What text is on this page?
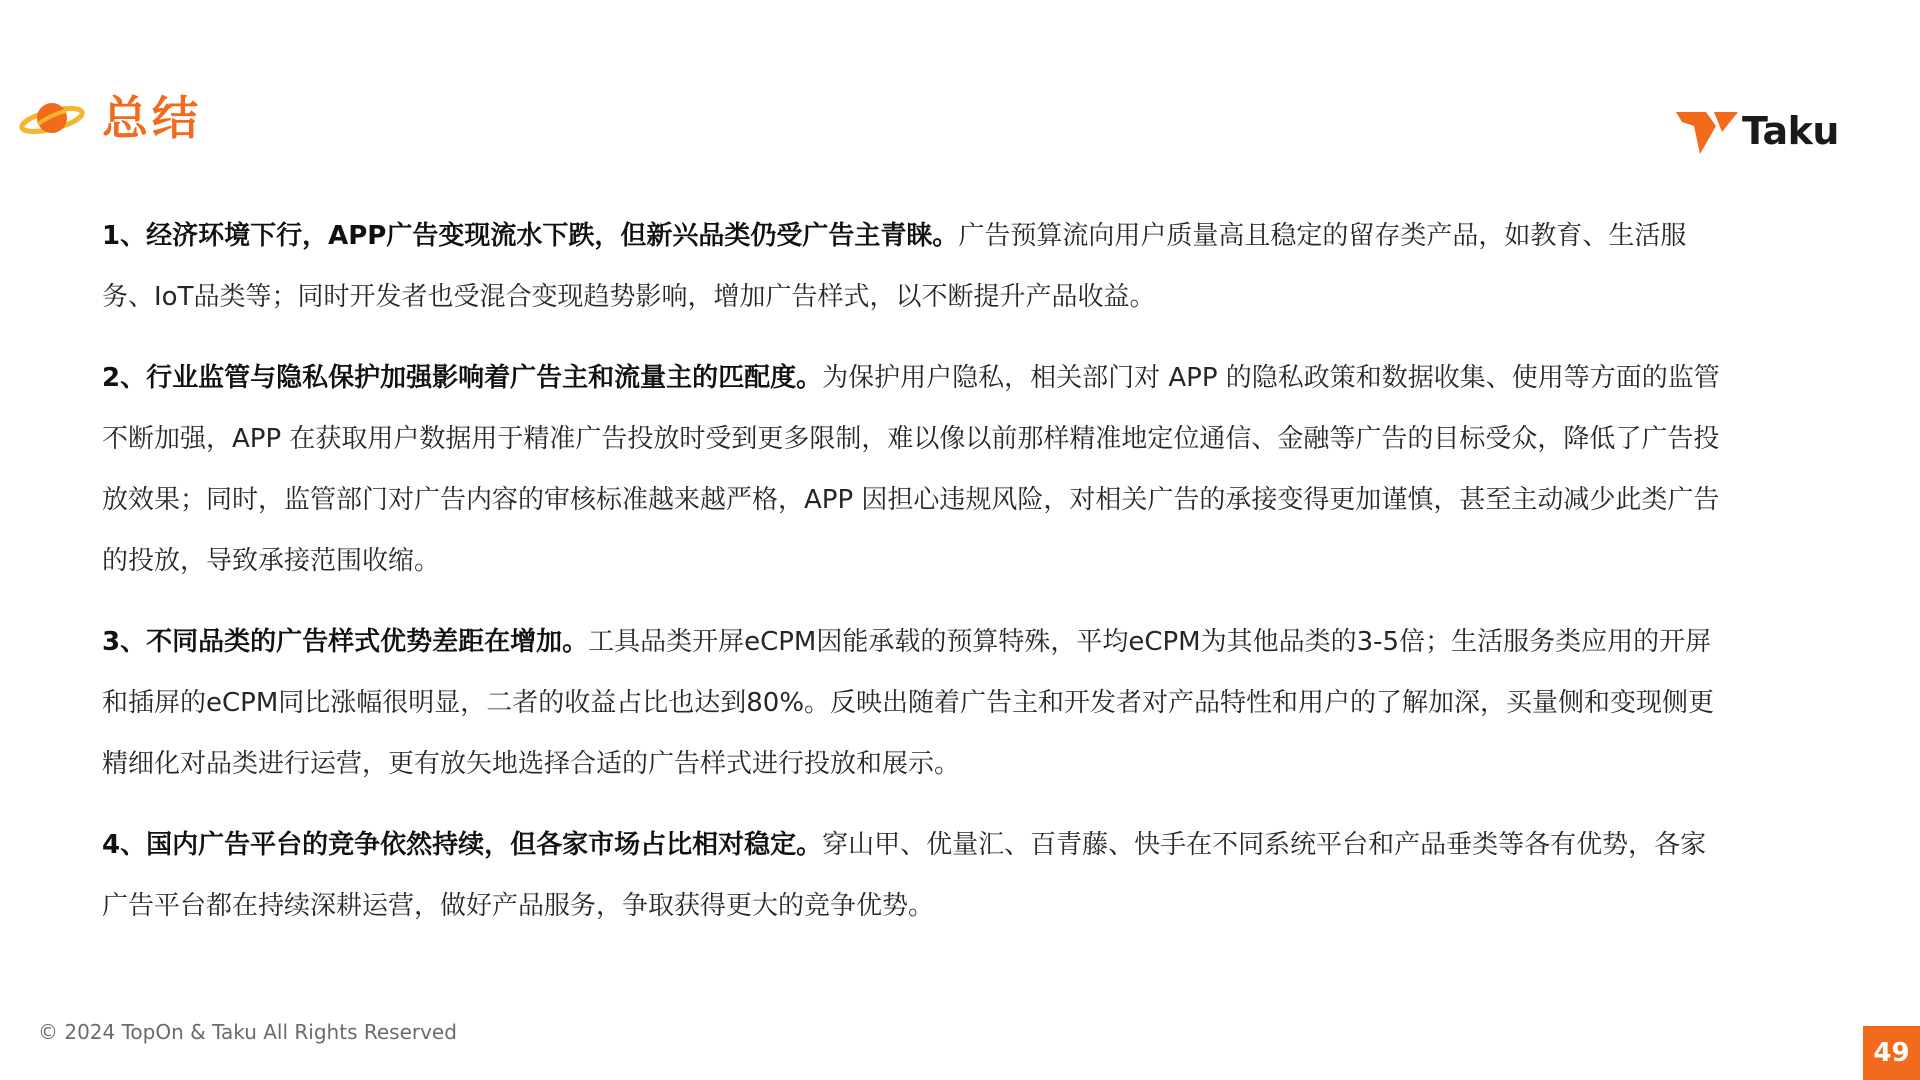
总结	Taku

1、经济环境下行，APP广告变现流水下跌，但新兴品类仍受广告主青睐。广告预算流向用户质量高且稳定的留存类产品，如教育、生活服务、IoT品类等；同时开发者也受混合变现趋势影响，增加广告样式，以不断提升产品收益。

2、行业监管与隐私保护加强影响着广告主和流量主的匹配度。为保护用户隐私，相关部门对 APP 的隐私政策和数据收集、使用等方面的监管不断加强，APP 在获取用户数据用于精准广告投放时受到更多限制，难以像以前那样精准地定位通信、金融等广告的目标受众，降低了广告投放效果；同时，监管部门对广告内容的审核标准越来越严格，APP 因担心违规风险，对相关广告的承接变得更加谨慎，甚至主动减少此类广告的投放，导致承接范围收缩。

3、不同品类的广告样式优势差距在增加。工具品类开屏eCPM因能承载的预算特殊，平均eCPM为其他品类的3-5倍；生活服务类应用的开屏和插屏的eCPM同比涨幅很明显，二者的收益占比也达到80%。反映出随着广告主和开发者对产品特性和用户的了解加深，买量侧和变现侧更精细化对品类进行运营，更有放矢地选择合适的广告样式进行投放和展示。

4、国内广告平台的竞争依然持续，但各家市场占比相对稳定。穿山甲、优量汇、百青藤、快手在不同系统平台和产品垂类等各有优势，各家广告平台都在持续深耕运营，做好产品服务，争取获得更大的竞争优势。

© 2024 TopOn & Taku All Rights Reserved
49
